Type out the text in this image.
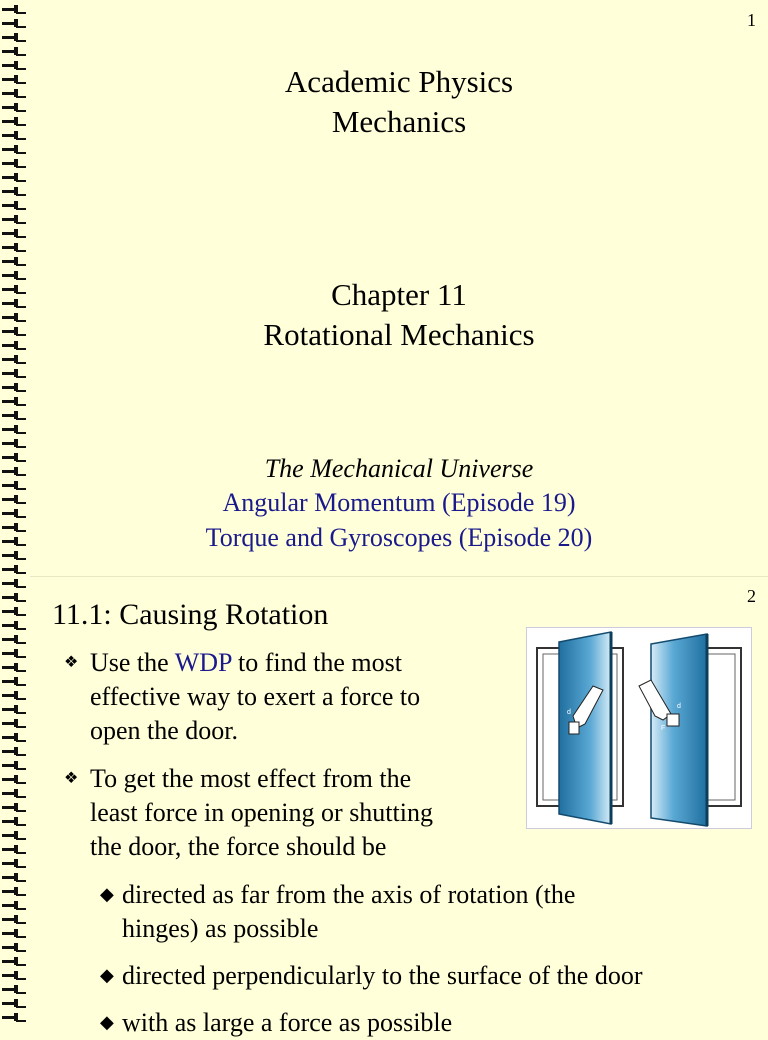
1
Academic Physics
Mechanics
Chapter 11
Rotational Mechanics
The Mechanical Universe
Angular Momentum (Episode 19)
Torque and Gyroscopes (Episode 20)
2
11.1: Causing Rotation
❖ Use the WDP to find the most
effective way to exert a force to
open the door.
❖ To get the most effect from the
least force in opening or shutting
the door, the force should be
◆ directed as far from the axis of rotation (the
hinges) as possible
◆ directed perpendicularly to the surface of the door
◆ with as large a force as possible
F
d
F
d
